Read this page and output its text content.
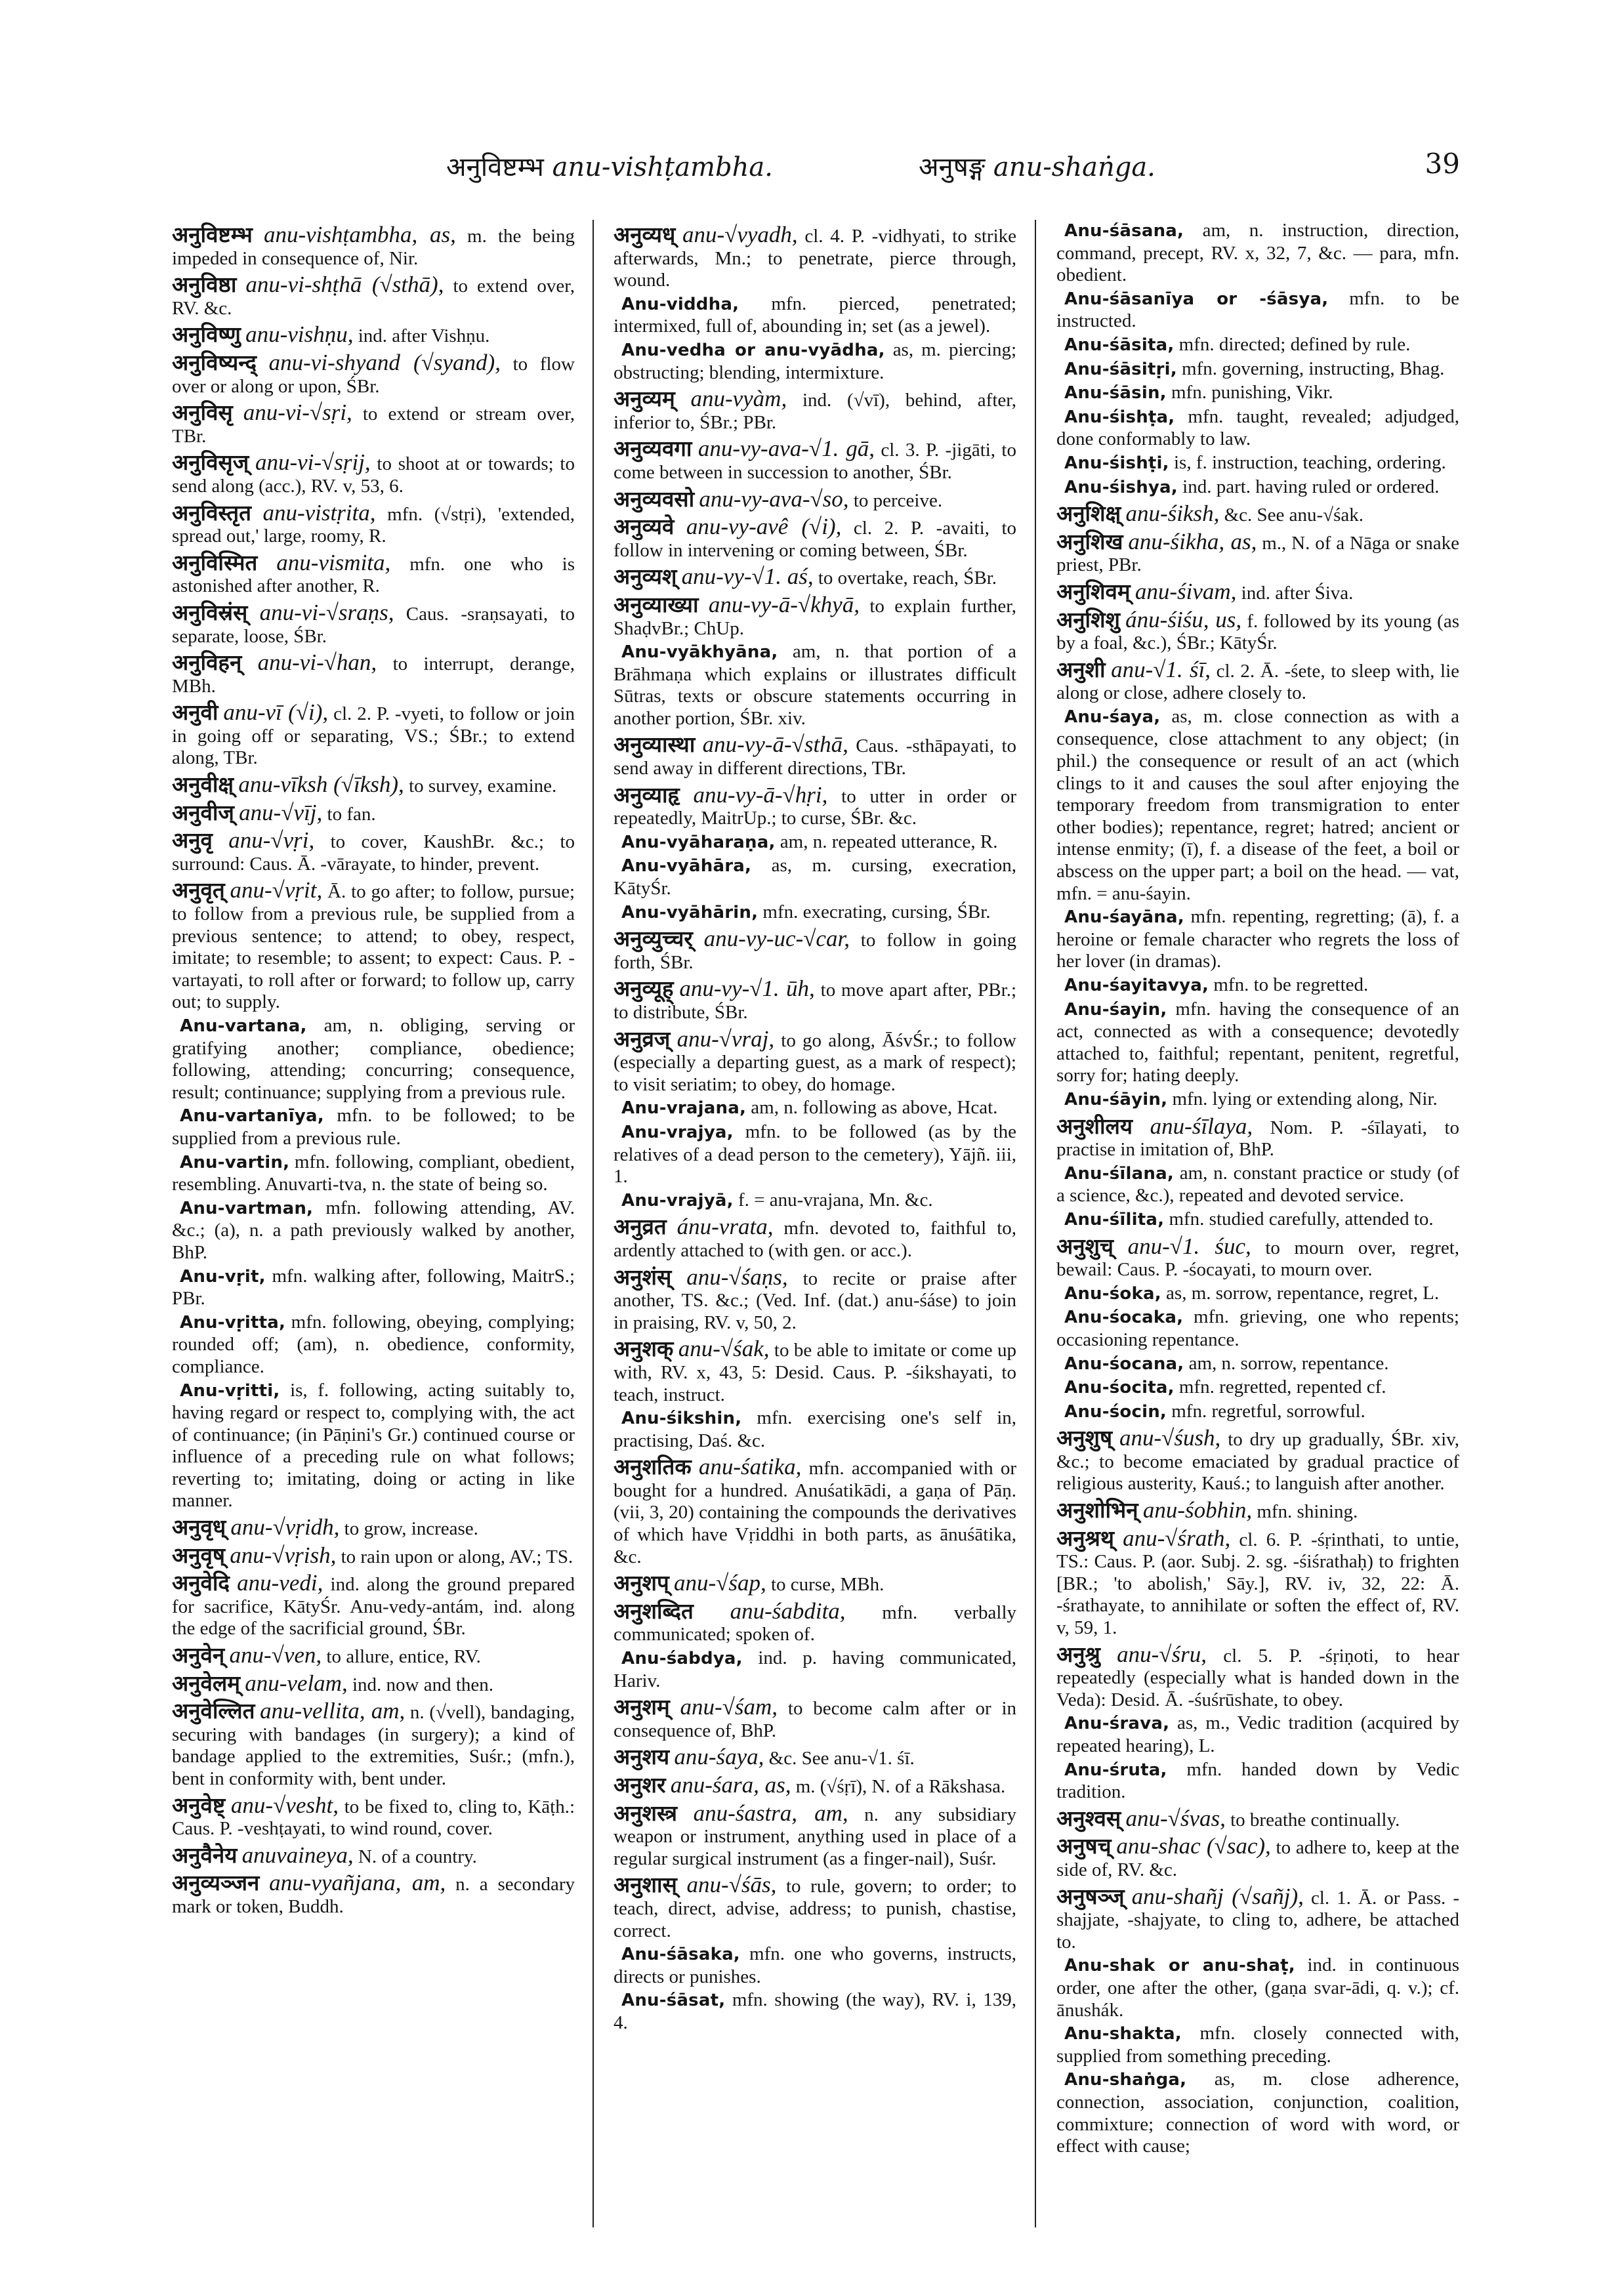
अनुविष्टम्भ anu-vishṭambha.	अनुषङ्ग anu-shaṅga.	39

अनुविष्टम्भ anu-vishṭambha, as, m. the being impeded in consequence of, Nir.

अनुविष्ठा anu-vi-shṭhā (√sthā), to extend over, RV. &c.

अनुविष्णु anu-vishṇu, ind. after Vishṇu.

अनुविष्यन्द् anu-vi-shyand (√syand), to flow over or along or upon, ŚBr.

अनुविसृ anu-vi-√sṛi, to extend or stream over, TBr.

अनुविसृज् anu-vi-√sṛij, to shoot at or towards; to send along (acc.), RV. v, 53, 6.

अनुविस्तृत anu-vistṛita, mfn. (√stṛi), 'extended, spread out,' large, roomy, R.

अनुविस्मित anu-vismita, mfn. one who is astonished after another, R.

अनुविस्रंस् anu-vi-√sraṇs, Caus. -sraṇsayati, to separate, loose, ŚBr.

अनुविहन् anu-vi-√han, to interrupt, derange, MBh.

अनुवी anu-vī (√i), cl. 2. P. -vyeti, to follow or join in going off or separating, VS.; ŚBr.; to extend along, TBr.

अनुवीक्ष् anu-vīksh (√īksh), to survey, examine.

अनुवीज् anu-√vīj, to fan.

अनुवृ anu-√vṛi, to cover, KaushBr. &c.; to surround: Caus. Ā. -vārayate, to hinder, prevent.

अनुवृत् anu-√vṛit, Ā. to go after; to follow, pursue; to follow from a previous rule, be supplied from a previous sentence; to attend; to obey, respect, imitate; to resemble; to assent; to expect: Caus. P. -vartayati, to roll after or forward; to follow up, carry out; to supply.

Anu-vartana, am, n. obliging, serving or gratifying another; compliance, obedience; following, attending; concurring; consequence, result; continuance; supplying from a previous rule.

Anu-vartanīya, mfn. to be followed; to be supplied from a previous rule.

Anu-vartin, mfn. following, compliant, obedient, resembling. Anuvarti-tva, n. the state of being so.

Anu-vartman, mfn. following attending, AV. &c.; (a), n. a path previously walked by another, BhP.

Anu-vṛit, mfn. walking after, following, MaitrS.; PBr.

Anu-vṛitta, mfn. following, obeying, complying; rounded off; (am), n. obedience, conformity, compliance.

Anu-vṛitti, is, f. following, acting suitably to, having regard or respect to, complying with, the act of continuance; (in Pāṇini's Gr.) continued course or influence of a preceding rule on what follows; reverting to; imitating, doing or acting in like manner.

अनुवृध् anu-√vṛidh, to grow, increase.

अनुवृष् anu-√vṛish, to rain upon or along, AV.; TS.

अनुवेदि anu-vedi, ind. along the ground prepared for sacrifice, KātyŚr. Anu-vedy-antám, ind. along the edge of the sacrificial ground, ŚBr.

अनुवेन् anu-√ven, to allure, entice, RV.

अनुवेलम् anu-velam, ind. now and then.

अनुवेल्लित anu-vellita, am, n. (√vell), bandaging, securing with bandages (in surgery); a kind of bandage applied to the extremities, Suśr.; (mfn.), bent in conformity with, bent under.

अनुवेष्ट् anu-√vesht, to be fixed to, cling to, Kāṭh.: Caus. P. -veshṭayati, to wind round, cover.

अनुवैनेय anuvaineya, N. of a country.

अनुव्यञ्जन anu-vyañjana, am, n. a secondary mark or token, Buddh.

अनुव्यध् anu-√vyadh, cl. 4. P. -vidhyati, to strike afterwards, Mn.; to penetrate, pierce through, wound.

Anu-viddha, mfn. pierced, penetrated; intermixed, full of, abounding in; set (as a jewel).

Anu-vedha or anu-vyādha, as, m. piercing; obstructing; blending, intermixture.

अनुव्यम् anu-vyàm, ind. (√vī), behind, after, inferior to, ŚBr.; PBr.

अनुव्यवगा anu-vy-ava-√1. gā, cl. 3. P. -jigāti, to come between in succession to another, ŚBr.

अनुव्यवसो anu-vy-ava-√so, to perceive.

अनुव्यवे anu-vy-avê (√i), cl. 2. P. -avaiti, to follow in intervening or coming between, ŚBr.

अनुव्यश् anu-vy-√1. aś, to overtake, reach, ŚBr.

अनुव्याख्या anu-vy-ā-√khyā, to explain further, ShaḍvBr.; ChUp.

Anu-vyākhyāna, am, n. that portion of a Brāhmaṇa which explains or illustrates difficult Sūtras, texts or obscure statements occurring in another portion, ŚBr. xiv.

अनुव्यास्था anu-vy-ā-√sthā, Caus. -sthāpayati, to send away in different directions, TBr.

अनुव्याहृ anu-vy-ā-√hṛi, to utter in order or repeatedly, MaitrUp.; to curse, ŚBr. &c.

Anu-vyāharaṇa, am, n. repeated utterance, R.

Anu-vyāhāra, as, m. cursing, execration, KātyŚr.

Anu-vyāhārin, mfn. execrating, cursing, ŚBr.

अनुव्युच्चर् anu-vy-uc-√car, to follow in going forth, ŚBr.

अनुव्यूह् anu-vy-√1. ūh, to move apart after, PBr.; to distribute, ŚBr.

अनुव्रज् anu-√vraj, to go along, ĀśvŚr.; to follow (especially a departing guest, as a mark of respect); to visit seriatim; to obey, do homage.

Anu-vrajana, am, n. following as above, Hcat.

Anu-vrajya, mfn. to be followed (as by the relatives of a dead person to the cemetery), Yājñ. iii, 1.

Anu-vrajyā, f. = anu-vrajana, Mn. &c.

अनुव्रत ánu-vrata, mfn. devoted to, faithful to, ardently attached to (with gen. or acc.).

अनुशंस् anu-√śaṇs, to recite or praise after another, TS. &c.; (Ved. Inf. (dat.) anu-śáse) to join in praising, RV. v, 50, 2.

अनुशक् anu-√śak, to be able to imitate or come up with, RV. x, 43, 5: Desid. Caus. P. -śikshayati, to teach, instruct.

Anu-śikshin, mfn. exercising one's self in, practising, Daś. &c.

अनुशतिक anu-śatika, mfn. accompanied with or bought for a hundred. Anuśatikādi, a gaṇa of Pāṇ. (vii, 3, 20) containing the compounds the derivatives of which have Vṛiddhi in both parts, as ānuśātika, &c.

अनुशप् anu-√śap, to curse, MBh.

अनुशब्दित anu-śabdita, mfn. verbally communicated; spoken of.

Anu-śabdya, ind. p. having communicated, Hariv.

अनुशम् anu-√śam, to become calm after or in consequence of, BhP.

अनुशय anu-śaya, &c. See anu-√1. śī.

अनुशर anu-śara, as, m. (√śṛī), N. of a Rākshasa.

अनुशस्त्र anu-śastra, am, n. any subsidiary weapon or instrument, anything used in place of a regular surgical instrument (as a finger-nail), Suśr.

अनुशास् anu-√śās, to rule, govern; to order; to teach, direct, advise, address; to punish, chastise, correct.

Anu-śāsaka, mfn. one who governs, instructs, directs or punishes.

Anu-śāsat, mfn. showing (the way), RV. i, 139, 4.

Anu-śāsana, am, n. instruction, direction, command, precept, RV. x, 32, 7, &c. — para, mfn. obedient.

Anu-śāsanīya or -śāsya, mfn. to be instructed.

Anu-śāsita, mfn. directed; defined by rule.

Anu-śāsitṛi, mfn. governing, instructing, Bhag.

Anu-śāsin, mfn. punishing, Vikr.

Anu-śishṭa, mfn. taught, revealed; adjudged, done conformably to law.

Anu-śishṭi, is, f. instruction, teaching, ordering.

Anu-śishya, ind. part. having ruled or ordered.

अनुशिक्ष् anu-śiksh, &c. See anu-√śak.

अनुशिख anu-śikha, as, m., N. of a Nāga or snake priest, PBr.

अनुशिवम् anu-śivam, ind. after Śiva.

अनुशिशु ánu-śiśu, us, f. followed by its young (as by a foal, &c.), ŚBr.; KātyŚr.

अनुशी anu-√1. śī, cl. 2. Ā. -śete, to sleep with, lie along or close, adhere closely to.

Anu-śaya, as, m. close connection as with a consequence, close attachment to any object; (in phil.) the consequence or result of an act (which clings to it and causes the soul after enjoying the temporary freedom from transmigration to enter other bodies); repentance, regret; hatred; ancient or intense enmity; (ī), f. a disease of the feet, a boil or abscess on the upper part; a boil on the head. — vat, mfn. = anu-śayin.

Anu-śayāna, mfn. repenting, regretting; (ā), f. a heroine or female character who regrets the loss of her lover (in dramas).

Anu-śayitavya, mfn. to be regretted.

Anu-śayin, mfn. having the consequence of an act, connected as with a consequence; devotedly attached to, faithful; repentant, penitent, regretful, sorry for; hating deeply.

Anu-śāyin, mfn. lying or extending along, Nir.

अनुशीलय anu-śīlaya, Nom. P. -śīlayati, to practise in imitation of, BhP.

Anu-śīlana, am, n. constant practice or study (of a science, &c.), repeated and devoted service.

Anu-śīlita, mfn. studied carefully, attended to.

अनुशुच् anu-√1. śuc, to mourn over, regret, bewail: Caus. P. -śocayati, to mourn over.

Anu-śoka, as, m. sorrow, repentance, regret, L.

Anu-śocaka, mfn. grieving, one who repents; occasioning repentance.

Anu-śocana, am, n. sorrow, repentance.

Anu-śocita, mfn. regretted, repented cf.

Anu-śocin, mfn. regretful, sorrowful.

अनुशुष् anu-√śush, to dry up gradually, ŚBr. xiv, &c.; to become emaciated by gradual practice of religious austerity, Kauś.; to languish after another.

अनुशोभिन् anu-śobhin, mfn. shining.

अनुश्रथ् anu-√śrath, cl. 6. P. -śṛinthati, to untie, TS.: Caus. P. (aor. Subj. 2. sg. -śiśrathaḥ) to frighten [BR.; 'to abolish,' Sāy.], RV. iv, 32, 22: Ā. -śrathayate, to annihilate or soften the effect of, RV. v, 59, 1.

अनुश्रु anu-√śru, cl. 5. P. -śṛiṇoti, to hear repeatedly (especially what is handed down in the Veda): Desid. Ā. -śuśrūshate, to obey.

Anu-śrava, as, m., Vedic tradition (acquired by repeated hearing), L.

Anu-śruta, mfn. handed down by Vedic tradition.

अनुश्वस् anu-√śvas, to breathe continually.

अनुषच् anu-shac (√sac), to adhere to, keep at the side of, RV. &c.

अनुषञ्ज् anu-shañj (√sañj), cl. 1. Ā. or Pass. -shajjate, -shajyate, to cling to, adhere, be attached to.

Anu-shak or anu-shaṭ, ind. in continuous order, one after the other, (gaṇa svar-ādi, q. v.); cf. ānushák.

Anu-shakta, mfn. closely connected with, supplied from something preceding.

Anu-shaṅga, as, m. close adherence, connection, association, conjunction, coalition, commixture; connection of word with word, or effect with cause;
